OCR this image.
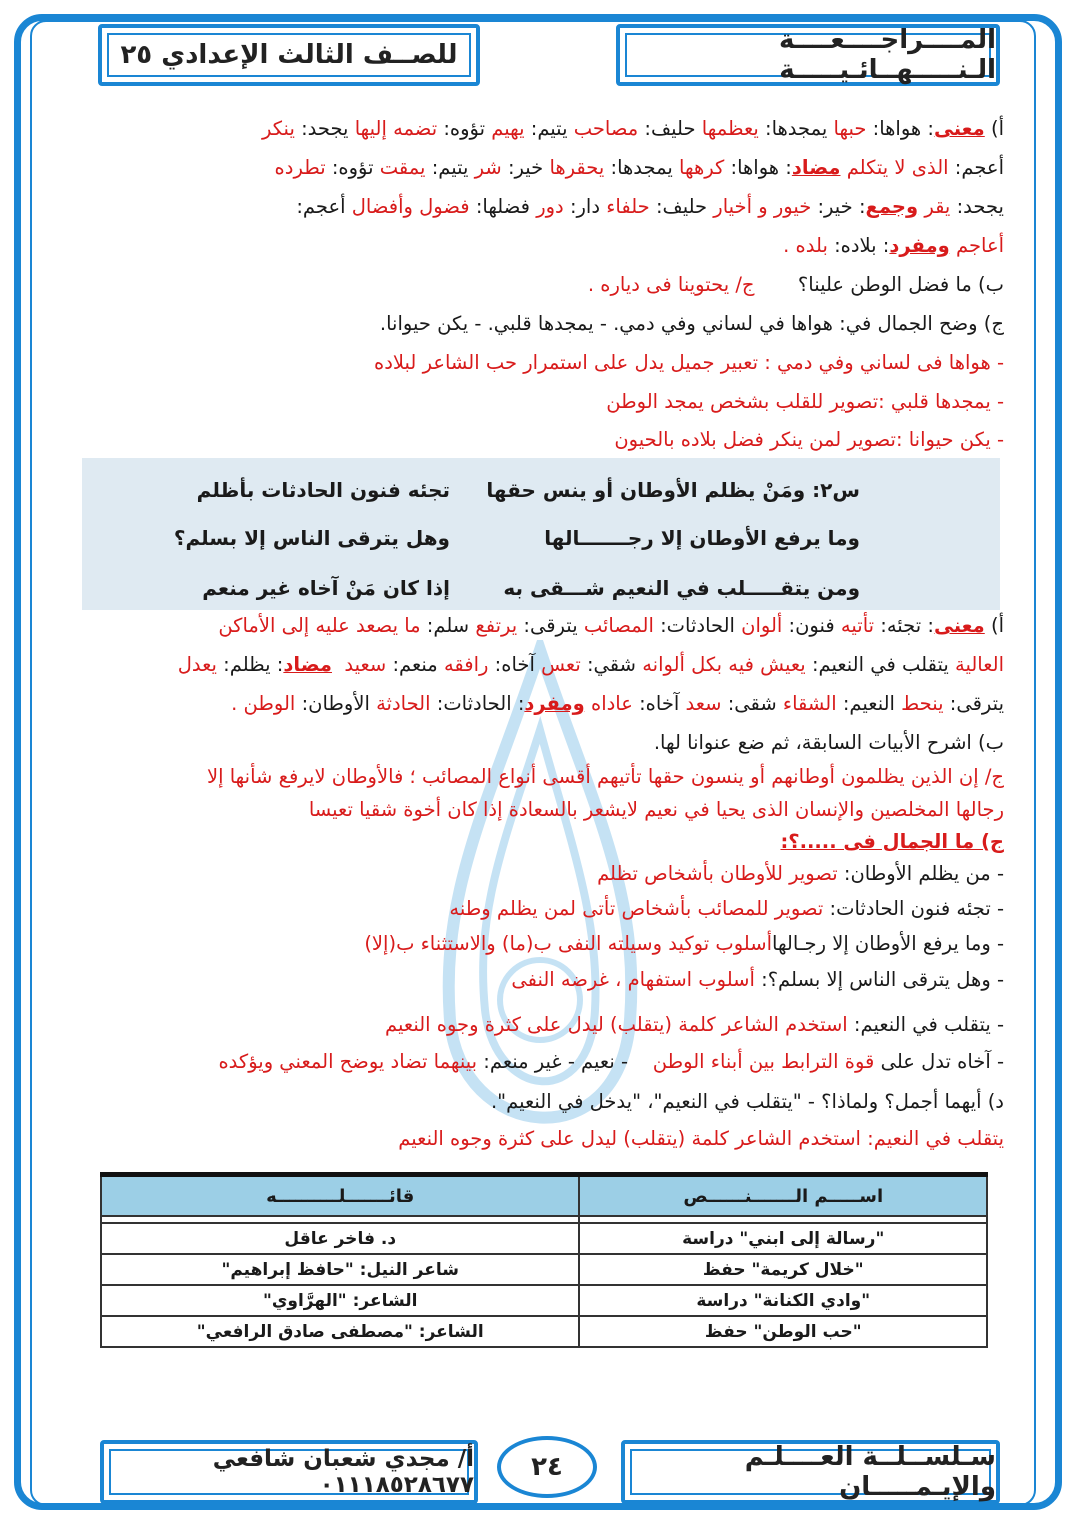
المــــراجــــعــــة الـنـــــهــائـيـــــة
للصــف الثالث الإعدادي ٢٥
أ) معنى: هواها: حبها يمجدها: يعظمها حليف: مصاحب يتيم: يهيم تؤوه: تضمه إليها يجحد: ينكر
أعجم: الذى لا يتكلم مضاد: هواها: كرهها يمجدها: يحقرها خير: شر يتيم: يمقت تؤوه: تطرده
يجحد: يقر وجمع: خير: خيور و أخيار حليف: حلفاء دار: دور فضلها: فضول وأفضال أعجم:
أعاجم ومفرد: بلاده: بلده .
ب) ما فضل الوطن علينا؟       ج/ يحتوينا فى دياره .
ج) وضح الجمال في: هواها في لساني وفي دمي. - يمجدها قلبي. - يكن حيوانا.
- هواها فى لساني وفي دمي : تعبير جميل يدل على استمرار حب الشاعر لبلاده
- يمجدها قلبي :تصوير للقلب بشخص يمجد الوطن
- يكن حيوانا :تصوير لمن ينكر فضل بلاده بالحيون
س٢: ومَنْ يظلم الأوطان أو ينس حقها
تجئه فنون الحادثات بأظلم
وما يرفع الأوطان إلا رجـــــــالها
وهل يترقى الناس إلا بسلم؟
ومن يتقـــــلب في النعيم شـــقى به
إذا كان مَنْ آخاه غير منعم
أ) معنى: تجئه: تأتيه فنون: ألوان الحادثات: المصائب يترقى: يرتفع سلم: ما يصعد عليه إلى الأماكن
العالية يتقلب في النعيم: يعيش فيه بكل ألوانه شقي: تعس آخاه: رافقه منعم: سعيد  مضاد: يظلم: يعدل
يترقى: ينحط النعيم: الشقاء شقى: سعد آخاه: عاداه ومفرد: الحادثات: الحادثة الأوطان: الوطن .
ب) اشرح الأبيات السابقة، ثم ضع عنوانا لها.
ج/ إن الذين يظلمون أوطانهم أو ينسون حقها تأتيهم أقسى أنواع المصائب ؛ فالأوطان لايرفع شأنها إلا
رجالها المخلصين والإنسان الذى يحيا في نعيم لايشعر بالسعادة إذا كان أخوة شقيا تعيسا
ج) ما الجمال فى .....؟:
- من يظلم الأوطان: تصوير للأوطان بأشخاص تظلم
- تجئه فنون الحادثات: تصوير للمصائب بأشخاص تأتى لمن يظلم وطنه
- وما يرفع الأوطان إلا رجـالهاأسلوب توكيد وسيلته النفى ب(ما) والاستثناء ب(إلا)
- وهل يترقى الناس إلا بسلم؟: أسلوب استفهام ، غرضه النفى
- يتقلب في النعيم: استخدم الشاعر كلمة (يتقلب) ليدل على كثرة وجوه النعيم
- آخاه تدل على قوة الترابط بين أبناء الوطن    - نعيم - غير منعم: بينهما تضاد يوضح المعني ويؤكده
د) أيهما أجمل؟ ولماذا؟ - "يتقلب في النعيم"، "يدخل في النعيم".
يتقلب في النعيم: استخدم الشاعر كلمة (يتقلب) ليدل على كثرة وجوه النعيم
اســـــم الـــــــنــــــص	قائـــــــلــــــــــه

"رسالة إلى ابني" دراسة	د. فاخر عاقل
"خلال كريمة" حفظ	شاعر النيل: "حافظ إبراهيم"
"وادي الكنانة" دراسة	الشاعر: "الهرَّاوي"
"حب الوطن" حفظ	الشاعر: "مصطفى صادق الرافعي"
سـلســلــة العــــلـم والإيـمـــــان
٢٤
أ/ مجدي شعبان شافعي ٠١١١٨٥٢٨٦٧٧
